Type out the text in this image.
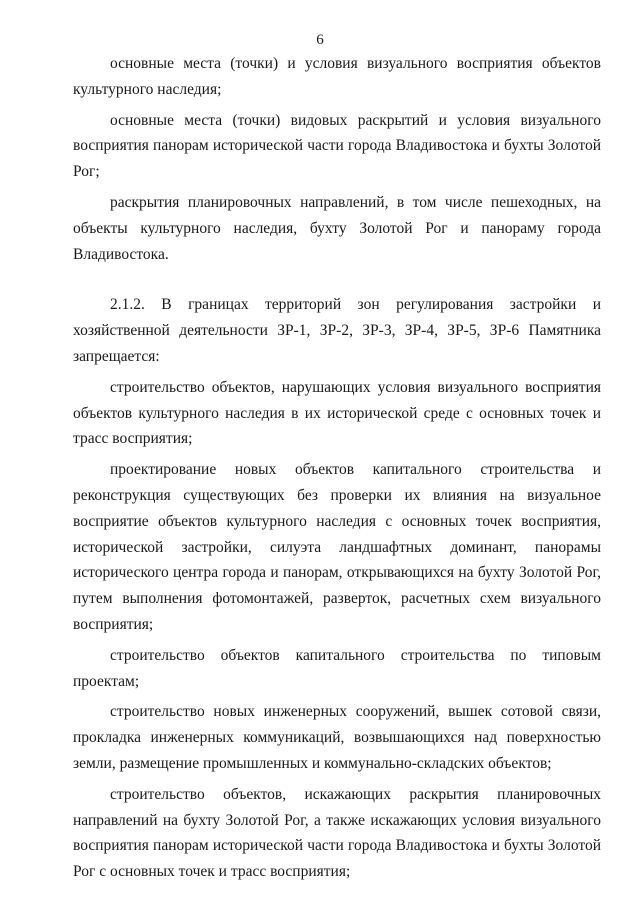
6

основные места (точки) и условия визуального восприятия объектов культурного наследия;

основные места (точки) видовых раскрытий и условия визуального восприятия панорам исторической части города Владивостока и бухты Золотой Рог;

раскрытия планировочных направлений, в том числе пешеходных, на объекты культурного наследия, бухту Золотой Рог и панораму города Владивостока.

2.1.2. В границах территорий зон регулирования застройки и хозяйственной деятельности ЗР-1, ЗР-2, ЗР-3, ЗР-4, ЗР-5, ЗР-6 Памятника запрещается:

строительство объектов, нарушающих условия визуального восприятия объектов культурного наследия в их исторической среде с основных точек и трасс восприятия;

проектирование новых объектов капитального строительства и реконструкция существующих без проверки их влияния на визуальное восприятие объектов культурного наследия с основных точек восприятия, исторической застройки, силуэта ландшафтных доминант, панорамы исторического центра города и панорам, открывающихся на бухту Золотой Рог, путем выполнения фотомонтажей, разверток, расчетных схем визуального восприятия;

строительство объектов капитального строительства по типовым проектам;

строительство новых инженерных сооружений, вышек сотовой связи, прокладка инженерных коммуникаций, возвышающихся над поверхностью земли, размещение промышленных и коммунально-складских объектов;

строительство объектов, искажающих раскрытия планировочных направлений на бухту Золотой Рог, а также искажающих условия визуального восприятия панорам исторической части города Владивостока и бухты Золотой Рог с основных точек и трасс восприятия;
